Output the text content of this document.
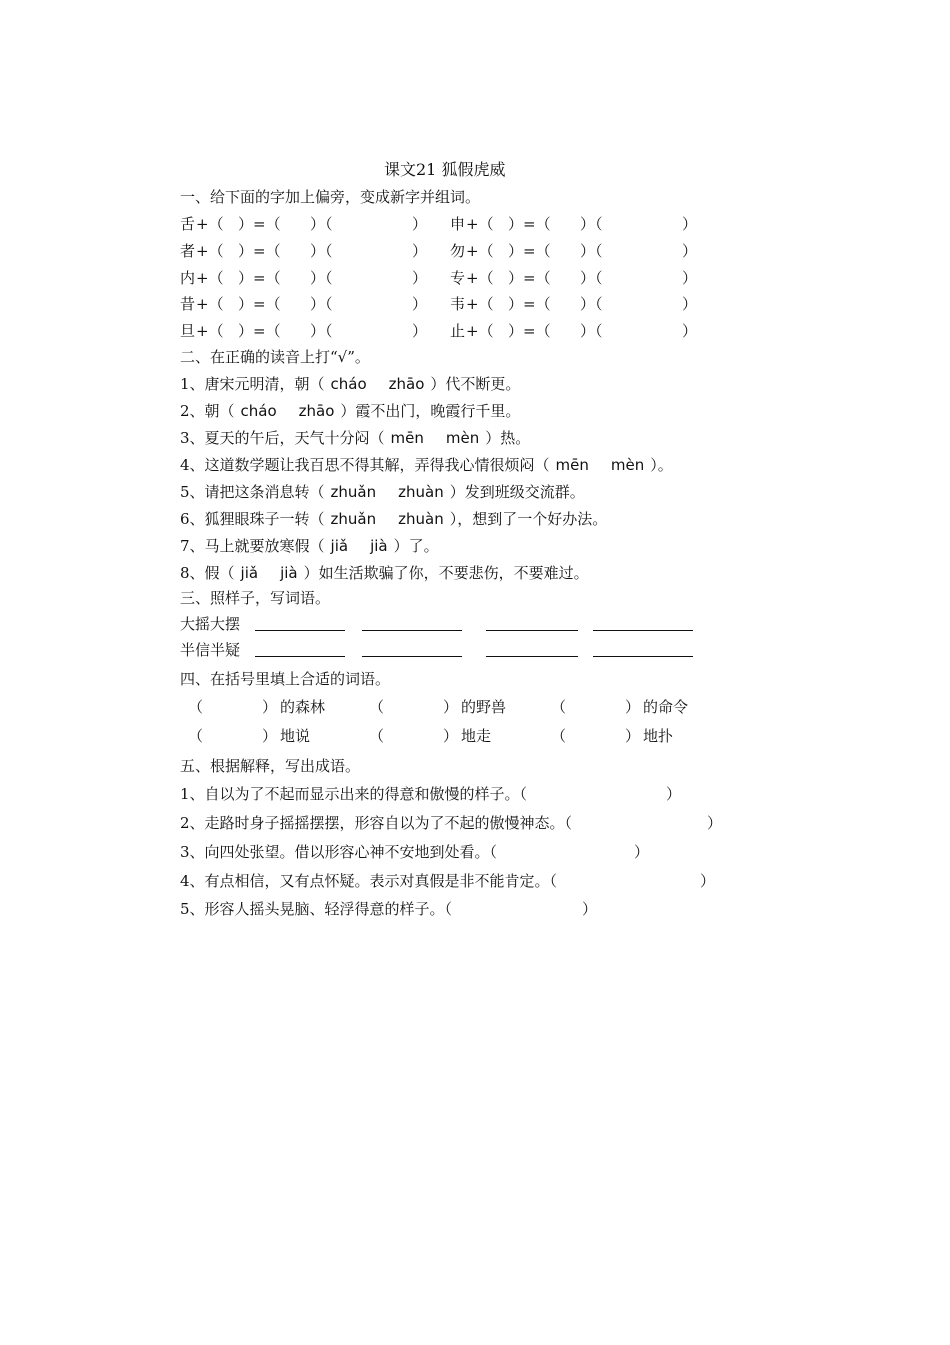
课文21 狐假虎威
一、给下面的字加上偏旁，变成新字并组词。
舌 +（ ）=（ ）（	） 申 +（ ）=（ ）（	）
者 +（ ）=（ ）（	） 勿 +（ ）=（ ）（	）
内 +（ ）=（ ）（	） 专 +（ ）=（ ）（	）
昔 +（ ）=（ ）（	） 韦 +（ ）=（ ）（	）
旦 +（ ）=（ ）（	） 止 +（ ）=（ ）（	）
二、在正确的读音上打“√”。
1、唐宋元明清，朝（ cháo zhāo ）代不断更。
2、朝（ cháo zhāo ）霞不出门，晚霞行千里。
3、夏天的午后，天气十分闷（ mēn mèn ）热。
4、这道数学题让我百思不得其解，弄得我心情很烦闷（ mēn mèn ）。
5、请把这条消息转（ zhuǎn zhuàn ）发到班级交流群。
6、狐狸眼珠子一转（ zhuǎn zhuàn ），想到了一个好办法。
7、马上就要放寒假（ jiǎ jià ）了。
8、假（ jiǎ jià ）如生活欺骗了你，不要悲伤，不要难过。
三、照样子，写词语。
大摇大摆
半信半疑
四、在括号里填上合适的词语。
（	） 的森林	（	） 的野兽	（	） 的命令
（	） 地说	（	） 地走	（	） 地扑
五、根据解释，写出成语。
1、自以为了不起而显示出来的得意和傲慢的样子。（	）
2、走路时身子摇摇摆摆，形容自以为了不起的傲慢神态。（	）
3、向四处张望。借以形容心神不安地到处看。（	）
4、有点相信，又有点怀疑。表示对真假是非不能肯定。（	）
5、形容人摇头晃脑、轻浮得意的样子。（	）
